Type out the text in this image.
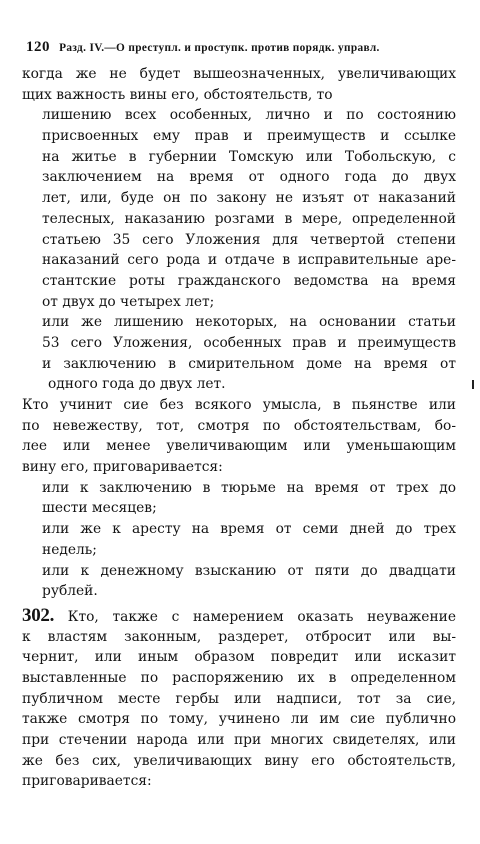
120 Разд. IV.—О преступл. и проступк. против порядк. управл.
когда же не будет вышеозначенных, увеличивающих
щих важность вины его, обстоятельств, то
лишению всех особенных, лично и по состоянию
присвоенных ему прав и преимуществ и ссылке
на житье в губернии Томскую или Тобольскую, с
заключением на время от одного года до двух
лет, или, буде он по закону не изъят от наказаний
телесных, наказанию розгами в мере, определенной
статьею 35 сего Уложения для четвертой степени
наказаний сего рода и отдаче в исправительные аре-
стантские роты гражданского ведомства на время
от двух до четырех лет;
или же лишению некоторых, на основании статьи
53 сего Уложения, особенных прав и преимуществ
и заключению в смирительном доме на время от
одного года до двух лет.
Кто учинит сие без всякого умысла, в пьянстве или
по невежеству, тот, смотря по обстоятельствам, бо-
лее или менее увеличивающим или уменьшающим
вину его, приговаривается:
или к заключению в тюрьме на время от трех до
шести месяцев;
или же к аресту на время от семи дней до трех
недель;
или к денежному взысканию от пяти до двадцати
рублей.
302. Кто, также с намерением оказать неуважение
к властям законным, раздерет, отбросит или вы-
чернит, или иным образом повредит или исказит
выставленные по распоряжению их в определенном
публичном месте гербы или надписи, тот за сие,
также смотря по тому, учинено ли им сие публично
при стечении народа или при многих свидетелях, или
же без сих, увеличивающих вину его обстоятельств,
приговаривается:
